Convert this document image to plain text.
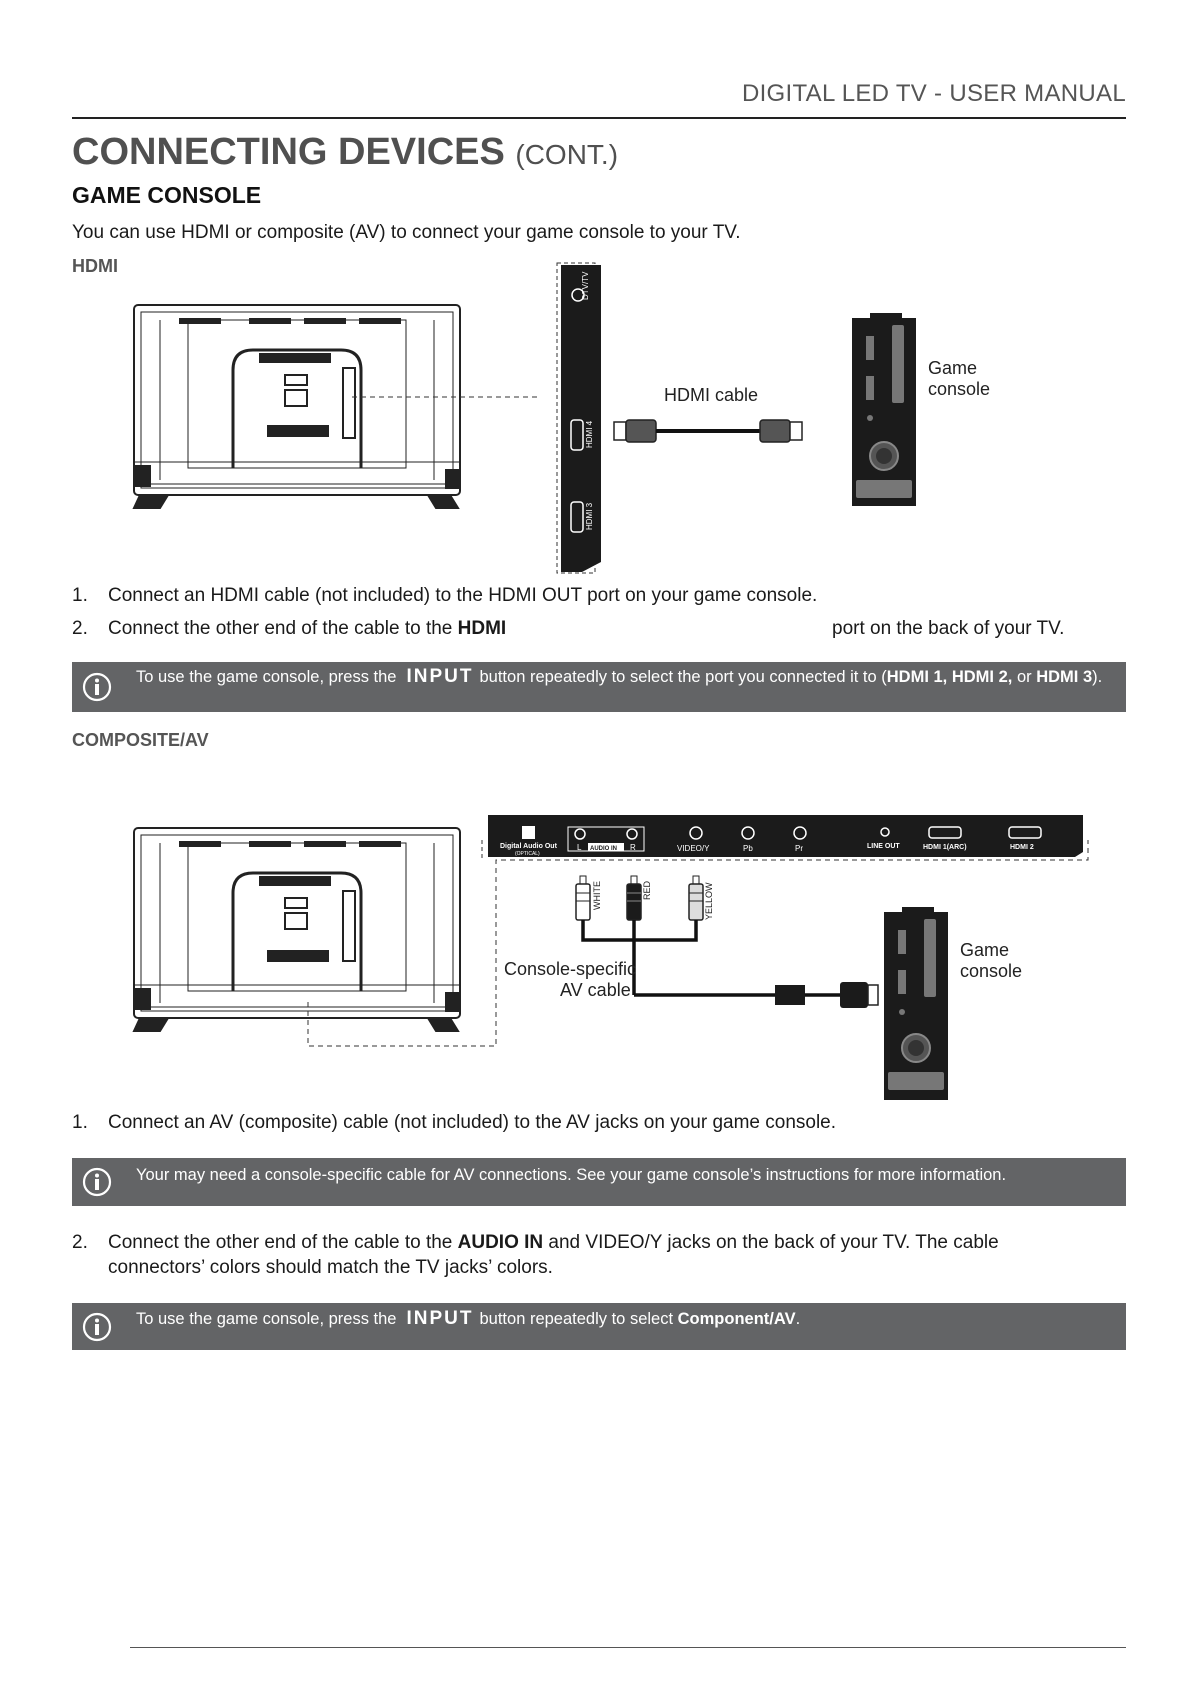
DIGITAL LED TV - USER MANUAL
CONNECTING DEVICES (CONT.)
GAME CONSOLE
You can use HDMI or composite (AV) to connect your game console to your TV.
HDMI
DTV/TV
HDMI 4
HDMI 3
HDMI cable
Game
console
1. Connect an HDMI cable (not included) to the HDMI OUT port on your game console.
2. Connect the other end of the cable to the HDMI	port on the back of your TV.
To use the game console, press the INPUT button repeatedly to select the port you connected it to (HDMI 1, HDMI 2, or HDMI 3).
COMPOSITE/AV
Digital Audio Out
(OPTICAL)
L AUDIO IN R	VIDEO/Y	Pb	Pr	LINE OUT	HDMI 1(ARC)	HDMI 2
WHITE	RED	YELLOW
Console-specific
AV cable
Game
console
1. Connect an AV (composite) cable (not included) to the AV jacks on your game console.
Your may need a console-specific cable for AV connections. See your game console’s instructions for more information.
2. Connect the other end of the cable to the AUDIO IN and VIDEO/Y jacks on the back of your TV. The cable
connectors’ colors should match the TV jacks’ colors.
To use the game console, press the INPUT button repeatedly to select Component/AV.
